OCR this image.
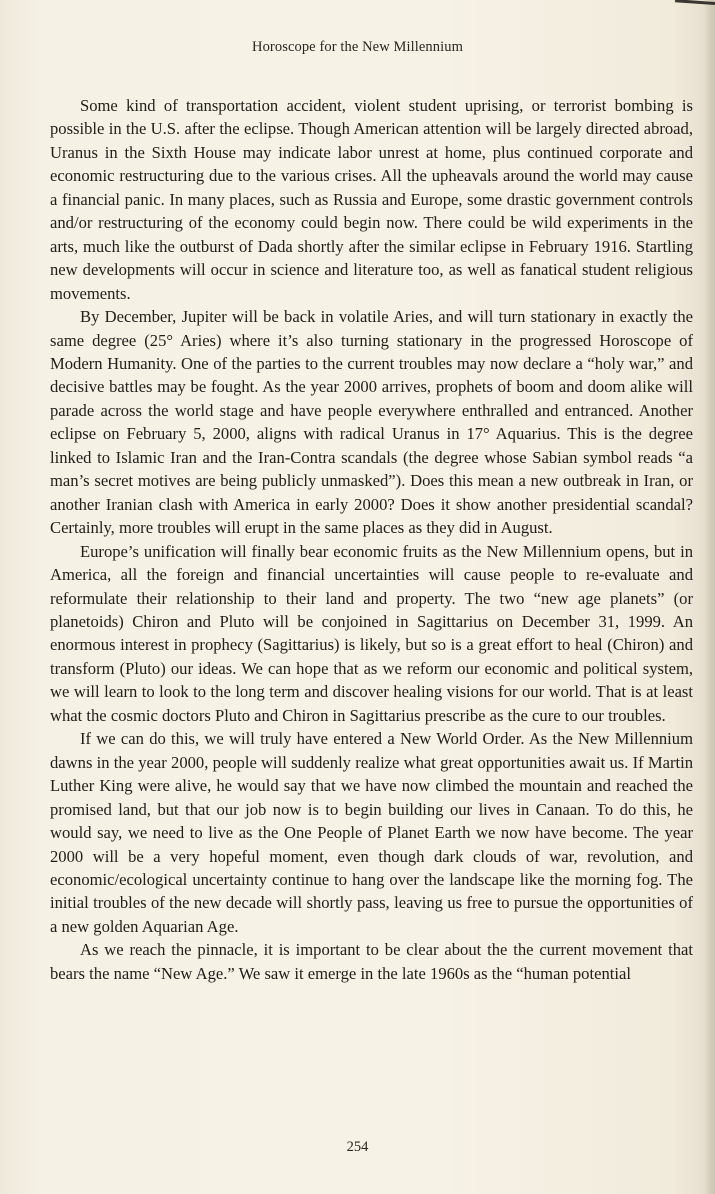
Horoscope for the New Millennium

Some kind of transportation accident, violent student uprising, or terrorist bombing is possible in the U.S. after the eclipse. Though American attention will be largely directed abroad, Uranus in the Sixth House may indicate labor unrest at home, plus continued corporate and economic restructuring due to the various crises. All the upheavals around the world may cause a financial panic. In many places, such as Russia and Europe, some drastic government controls and/or restructuring of the economy could begin now. There could be wild experiments in the arts, much like the outburst of Dada shortly after the similar eclipse in February 1916. Startling new developments will occur in science and literature too, as well as fanatical student religious movements.

By December, Jupiter will be back in volatile Aries, and will turn stationary in exactly the same degree (25° Aries) where it’s also turning stationary in the progressed Horoscope of Modern Humanity. One of the parties to the current troubles may now declare a “holy war,” and decisive battles may be fought. As the year 2000 arrives, prophets of boom and doom alike will parade across the world stage and have people everywhere enthralled and entranced. Another eclipse on February 5, 2000, aligns with radical Uranus in 17° Aquarius. This is the degree linked to Islamic Iran and the Iran-Contra scandals (the degree whose Sabian symbol reads “a man’s secret motives are being publicly unmasked”). Does this mean a new outbreak in Iran, or another Iranian clash with America in early 2000? Does it show another presidential scandal? Certainly, more troubles will erupt in the same places as they did in August.

Europe’s unification will finally bear economic fruits as the New Millennium opens, but in America, all the foreign and financial uncertainties will cause people to re-evaluate and reformulate their relationship to their land and property. The two “new age planets” (or planetoids) Chiron and Pluto will be conjoined in Sagittarius on December 31, 1999. An enormous interest in prophecy (Sagittarius) is likely, but so is a great effort to heal (Chiron) and transform (Pluto) our ideas. We can hope that as we reform our economic and political system, we will learn to look to the long term and discover healing visions for our world. That is at least what the cosmic doctors Pluto and Chiron in Sagittarius prescribe as the cure to our troubles.

If we can do this, we will truly have entered a New World Order. As the New Millennium dawns in the year 2000, people will suddenly realize what great opportunities await us. If Martin Luther King were alive, he would say that we have now climbed the mountain and reached the promised land, but that our job now is to begin building our lives in Canaan. To do this, he would say, we need to live as the One People of Planet Earth we now have become. The year 2000 will be a very hopeful moment, even though dark clouds of war, revolution, and economic/ecological uncertainty continue to hang over the landscape like the morning fog. The initial troubles of the new decade will shortly pass, leaving us free to pursue the opportunities of a new golden Aquarian Age.

As we reach the pinnacle, it is important to be clear about the the current movement that bears the name “New Age.” We saw it emerge in the late 1960s as the “human potential

254
